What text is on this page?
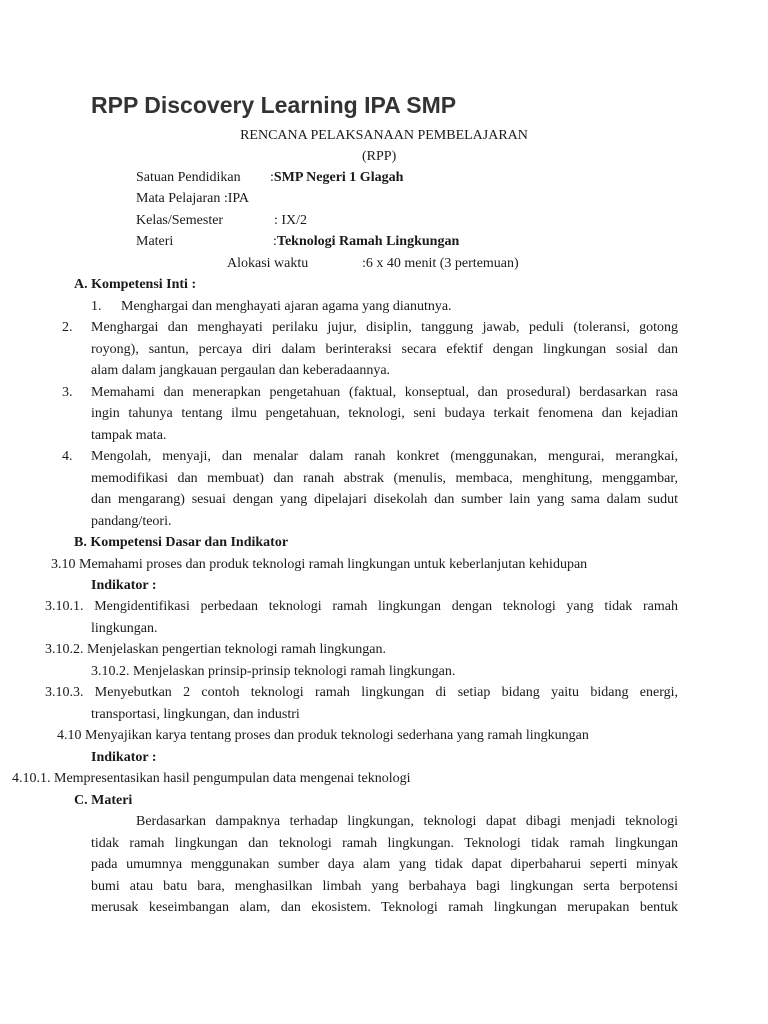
RPP Discovery Learning IPA SMP
RENCANA PELAKSANAAN PEMBELAJARAN
(RPP)
Satuan Pendidikan :SMP Negeri 1 Glagah
Mata Pelajaran :IPA
Kelas/Semester	: IX/2
Materi	:Teknologi Ramah Lingkungan
Alokasi waktu	:6 x 40 menit (3 pertemuan)
A. Kompetensi Inti :
1. Menghargai dan menghayati ajaran agama yang dianutnya.
2. Menghargai dan menghayati perilaku jujur, disiplin, tanggung jawab, peduli (toleransi, gotong
royong), santun, percaya diri dalam berinteraksi secara efektif dengan lingkungan sosial dan
alam dalam jangkauan pergaulan dan keberadaannya.
3. Memahami dan menerapkan pengetahuan (faktual, konseptual, dan prosedural) berdasarkan rasa
ingin tahunya tentang ilmu pengetahuan, teknologi, seni budaya terkait fenomena dan kejadian
tampak mata.
4. Mengolah, menyaji, dan menalar dalam ranah konkret (menggunakan, mengurai, merangkai,
memodifikasi dan membuat) dan ranah abstrak (menulis, membaca, menghitung, menggambar,
dan mengarang) sesuai dengan yang dipelajari disekolah dan sumber lain yang sama dalam sudut
pandang/teori.
B. Kompetensi Dasar dan Indikator
3.10 Memahami proses dan produk teknologi ramah lingkungan untuk keberlanjutan kehidupan
Indikator :
3.10.1. Mengidentifikasi perbedaan teknologi ramah lingkungan dengan teknologi yang tidak ramah
lingkungan.
3.10.2. Menjelaskan pengertian teknologi ramah lingkungan.
3.10.2. Menjelaskan prinsip-prinsip teknologi ramah lingkungan.
3.10.3. Menyebutkan 2 contoh teknologi ramah lingkungan di setiap bidang yaitu bidang energi,
transportasi, lingkungan, dan industri
4.10 Menyajikan karya tentang proses dan produk teknologi sederhana yang ramah lingkungan
Indikator :
4.10.1. Mempresentasikan hasil pengumpulan data mengenai teknologi
C. Materi
Berdasarkan dampaknya terhadap lingkungan, teknologi dapat dibagi menjadi teknologi
tidak ramah lingkungan dan teknologi ramah lingkungan. Teknologi tidak ramah lingkungan
pada umumnya menggunakan sumber daya alam yang tidak dapat diperbaharui seperti minyak
bumi atau batu bara, menghasilkan limbah yang berbahaya bagi lingkungan serta berpotensi
merusak keseimbangan alam, dan ekosistem. Teknologi ramah lingkungan merupakan bentuk
